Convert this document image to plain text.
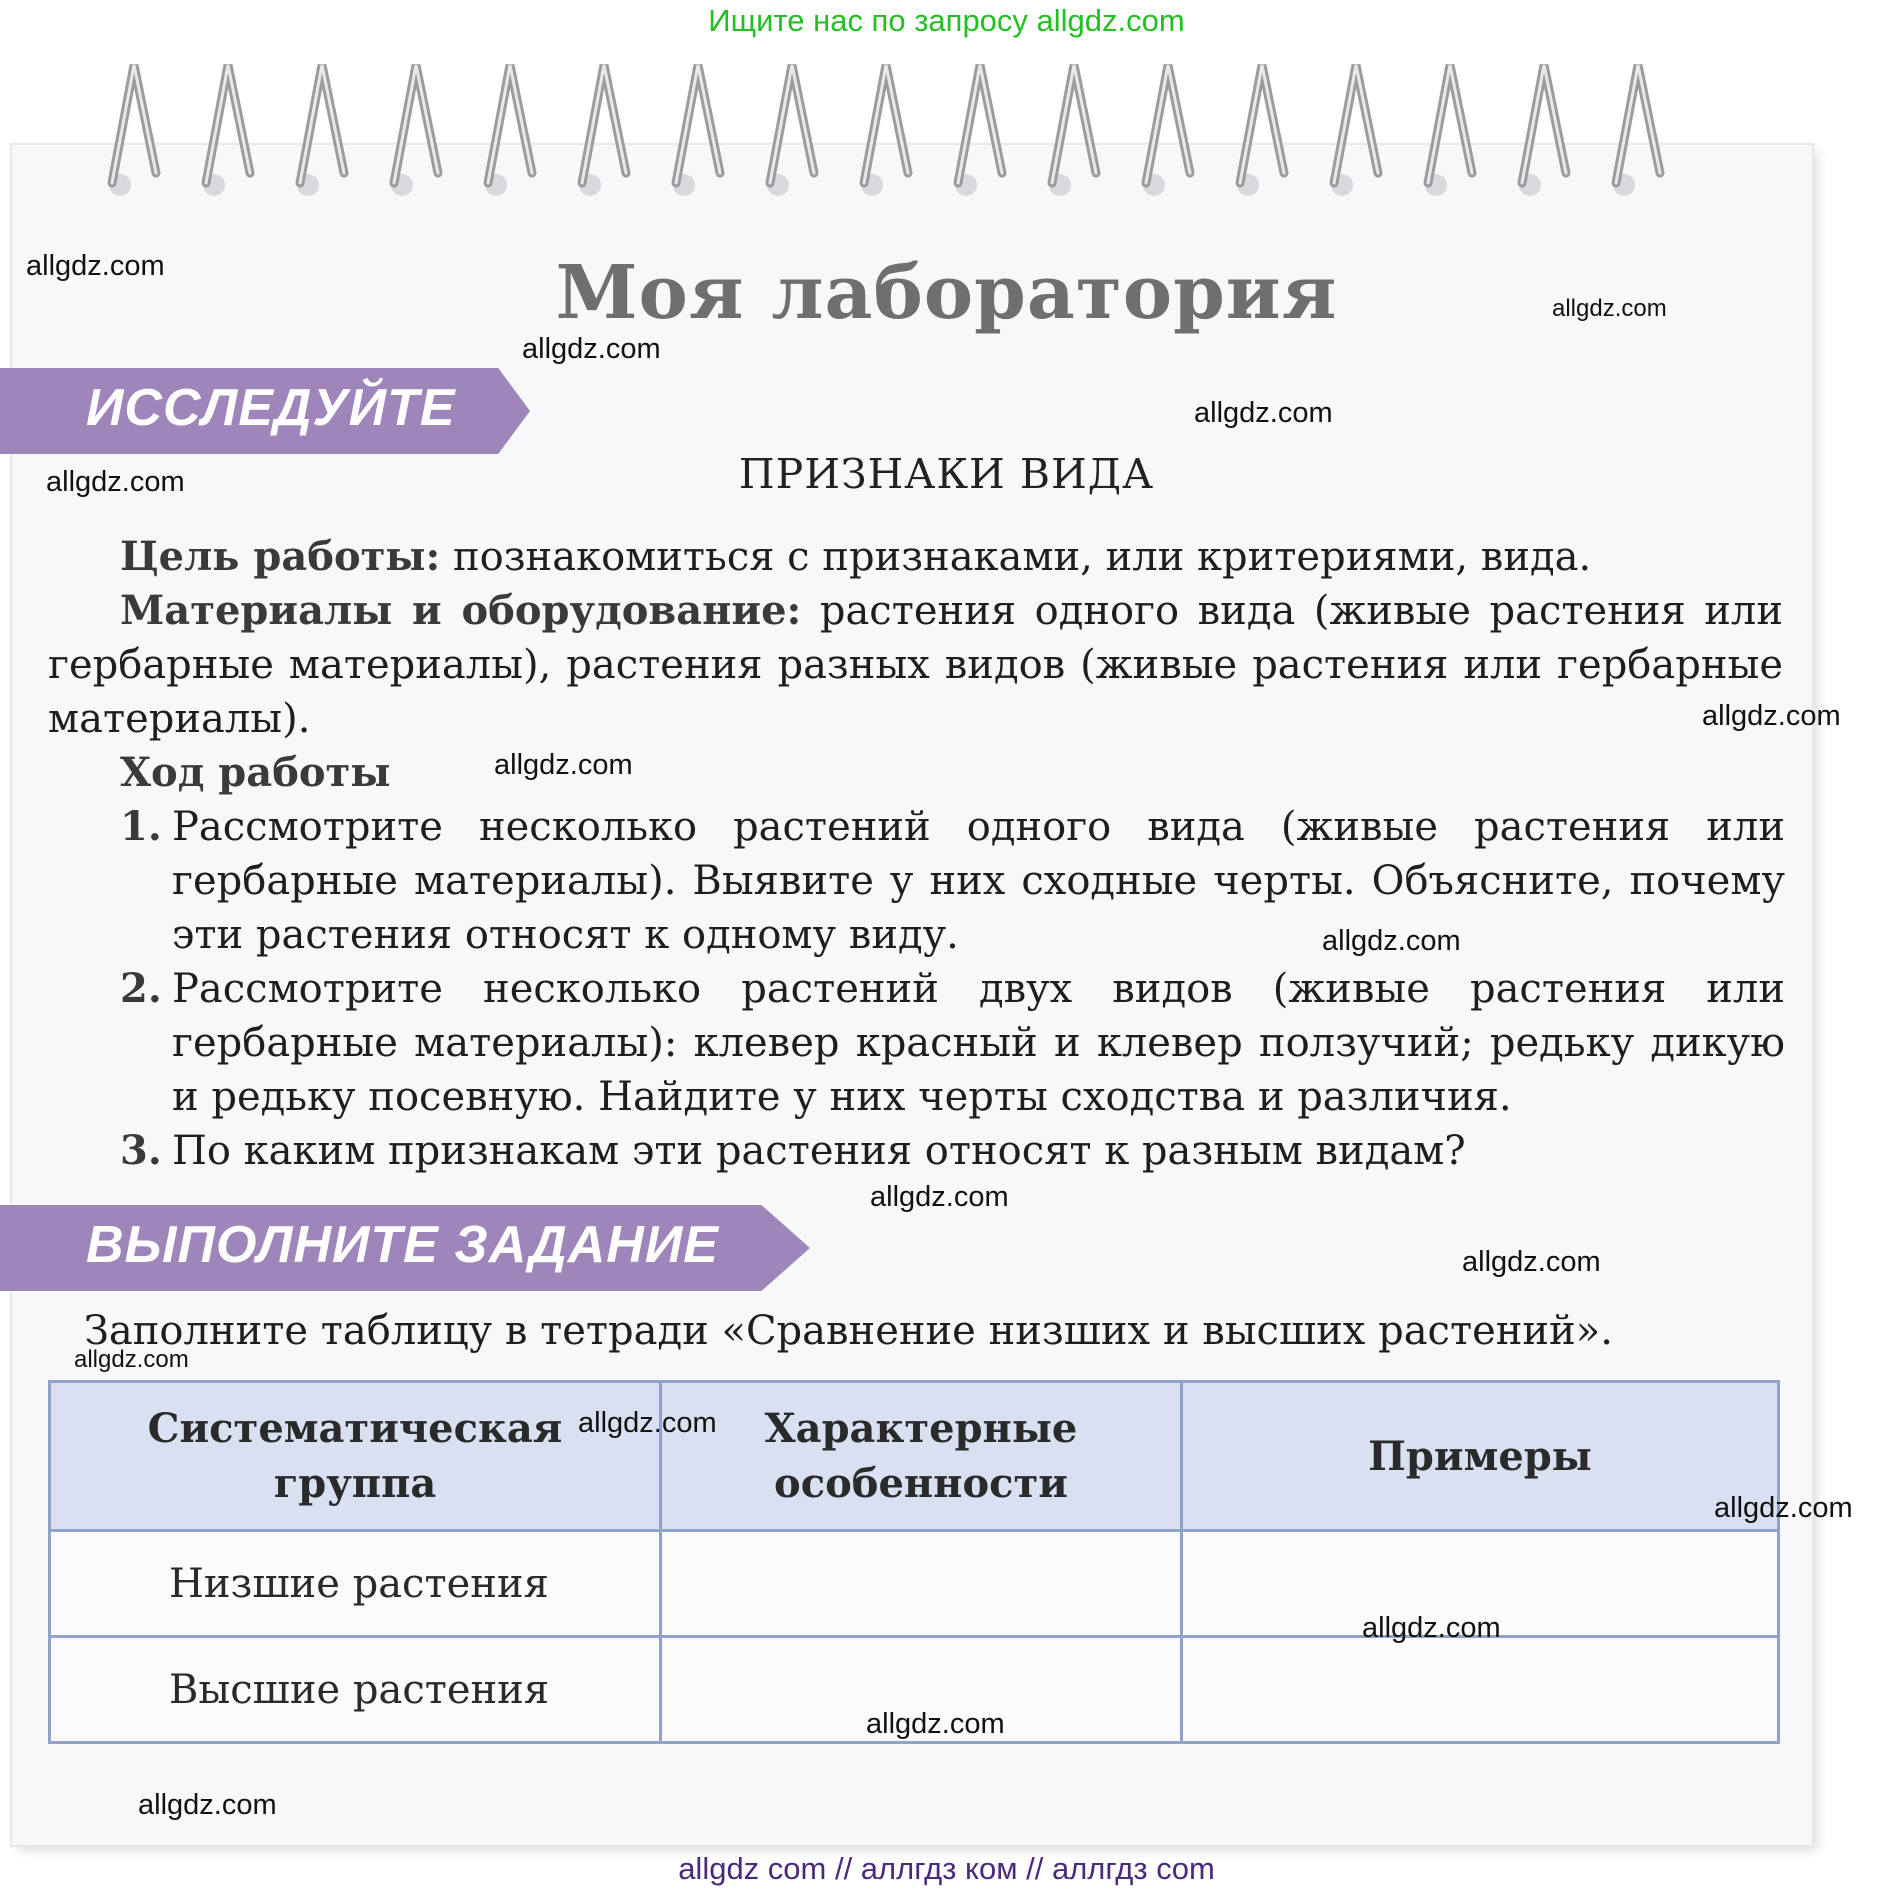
Ищите нас по запросу allgdz.com
Моя лаборатория
ИССЛЕДУЙТЕ
ПРИЗНАКИ ВИДА
Цель работы: познакомиться с признаками, или критериями, вида.
Материалы и оборудование: растения одного вида (живые растения или гербарные материалы), растения разных видов (живые растения или гербарные материалы).
Ход работы
1. Рассмотрите несколько растений одного вида (живые растения или гербарные материалы). Выявите у них сходные черты. Объясните, почему эти растения относят к одному виду.
2. Рассмотрите несколько растений двух видов (живые растения или гербарные материалы): клевер красный и клевер ползучий; редьку дикую и редьку посевную. Найдите у них черты сходства и различия.
3. По каким признакам эти растения относят к разным видам?
ВЫПОЛНИТЕ ЗАДАНИЕ
Заполните таблицу в тетради «Сравнение низших и высших растений».
Систематическая группа	Характерные особенности	Примеры
Низшие растения		
Высшие растения		
allgdz.com
allgdz.com
allgdz.com
allgdz.com
allgdz.com
allgdz.com
allgdz.com
allgdz.com
allgdz.com
allgdz.com
allgdz.com
allgdz.com
allgdz.com
allgdz.com
allgdz.com
allgdz.com
allgdz com // аллгдз ком // аллгдз com
